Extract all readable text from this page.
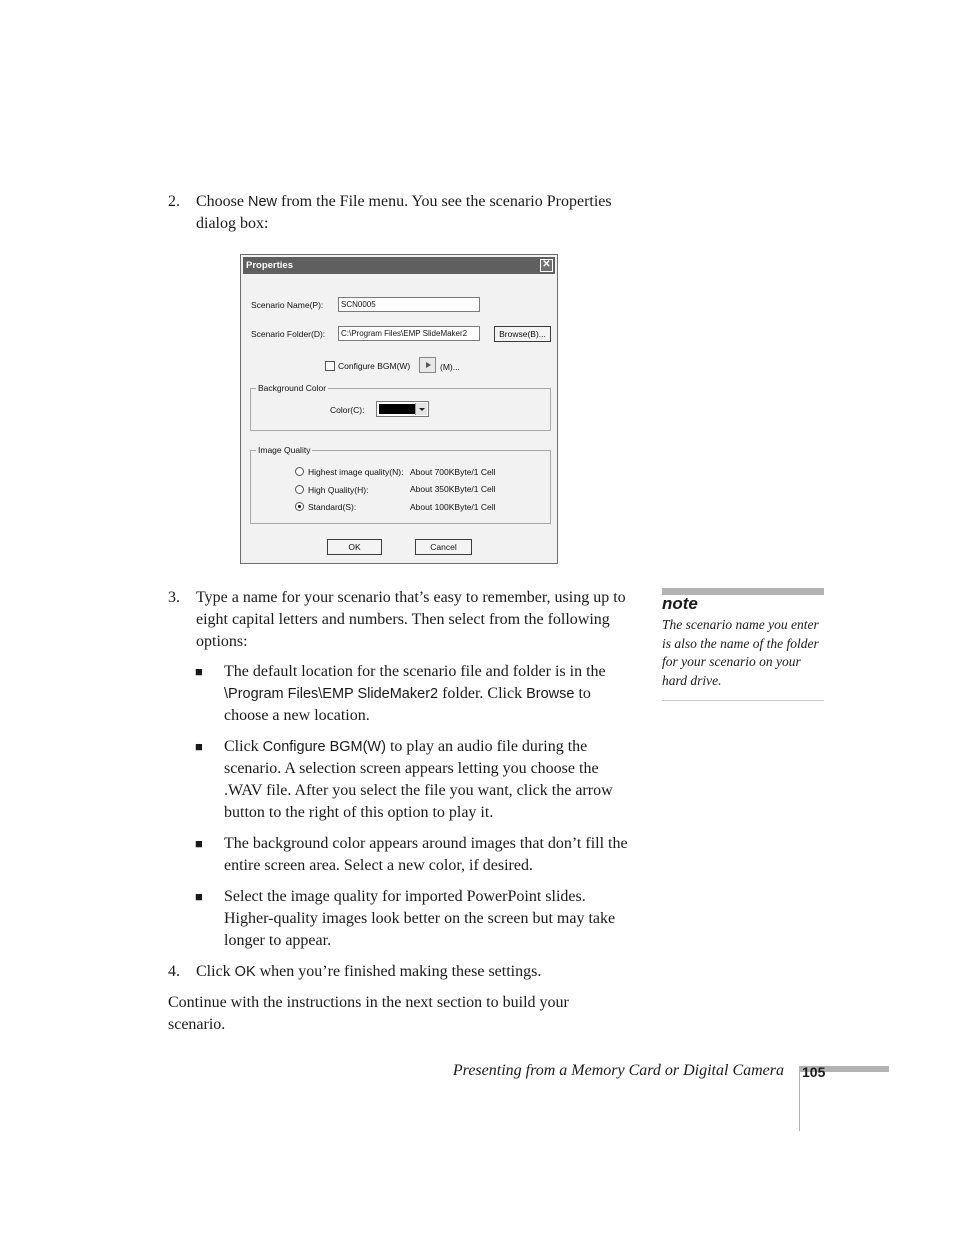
2.	Choose New from the File menu. You see the scenario Properties dialog box:
Properties	✕
Scenario Name(P):	SCN0005
Scenario Folder(D):	C:\Program Files\EMP SlideMaker2	Browse(B)...
Configure BGM(W)	(M)...
Background Color
Color(C):
Image Quality
Highest image quality(N): About 700KByte/1 Cell
High Quality(H):	About 350KByte/1 Cell
Standard(S):	About 100KByte/1 Cell
OK	Cancel
3.	Type a name for your scenario that’s easy to remember, using up to eight capital letters and numbers. Then select from the following options:
■ The default location for the scenario file and folder is in the \Program Files\EMP SlideMaker2 folder. Click Browse to choose a new location.
■ Click Configure BGM(W) to play an audio file during the scenario. A selection screen appears letting you choose the .WAV file. After you select the file you want, click the arrow button to the right of this option to play it.
■ The background color appears around images that don’t fill the entire screen area. Select a new color, if desired.
■ Select the image quality for imported PowerPoint slides. Higher-quality images look better on the screen but may take longer to appear.
4.	Click OK when you’re finished making these settings.
Continue with the instructions in the next section to build your scenario.
note
The scenario name you enter is also the name of the folder for your scenario on your hard drive.
Presenting from a Memory Card or Digital Camera 105
